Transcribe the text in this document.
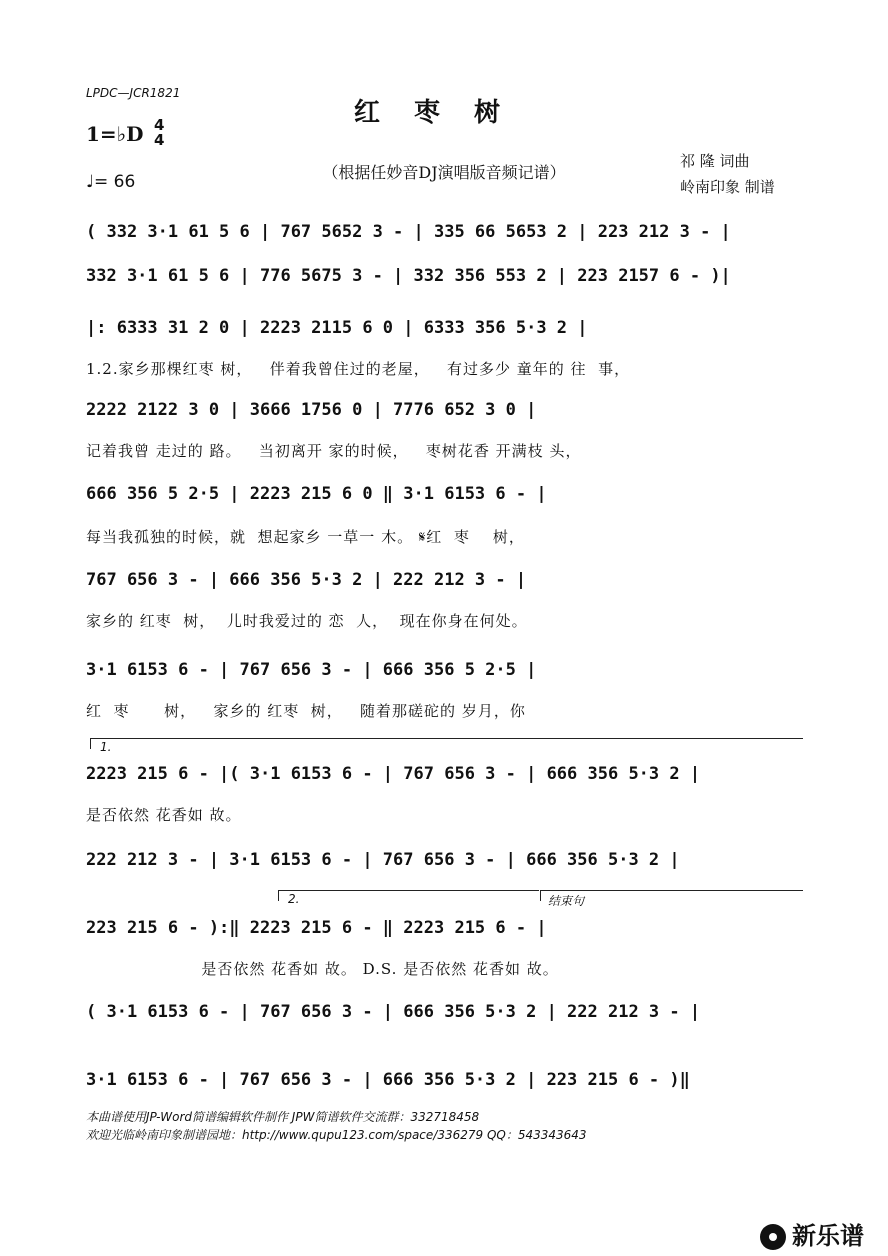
LPDC—JCR1821
红枣树
1=♭D 4
4
♩= 66	（根据任妙音DJ演唱版音频记谱）
祁 隆 词曲
岭南印象 制谱
( 332 3·1 61 5 6 | 767 5652 3 - | 335 66 5653 2 | 223 212 3 - |
332 3·1 61 5 6 | 776 5675 3 - | 332 356 553 2 | 223 2157 6 - )|
|: 6333 31 2 0 | 2223 2115 6 0 | 6333 356 5·3 2 |
1.2.家乡那棵红枣 树，   伴着我曾住过的老屋，   有过多少 童年的 往  事，
2222 2122 3 0 | 3666 1756 0 | 7776 652 3 0 |
记着我曾 走过的 路。   当初离开 家的时候，   枣树花香 开满枝 头，
666 356 5 2·5 | 2223 215 6 0 ‖ 3·1 6153 6 - |
每当我孤独的时候，就  想起家乡 一草一 木。 𝄋红  枣    树，
767 656 3 - | 666 356 5·3 2 | 222 212 3 - |
家乡的 红枣  树，  儿时我爱过的 恋  人，  现在你身在何处。
3·1 6153 6 - | 767 656 3 - | 666 356 5 2·5 |
红  枣      树，   家乡的 红枣  树，   随着那磋砣的 岁月，你
1.
2223 215 6 - |( 3·1 6153 6 - | 767 656 3 - | 666 356 5·3 2 |
是否依然 花香如 故。
222 212 3 - | 3·1 6153 6 - | 767 656 3 - | 666 356 5·3 2 |
2.	结束句
223 215 6 - ):‖ 2223 215 6 - ‖ 2223 215 6 - |
是否依然 花香如 故。 D.S. 是否依然 花香如 故。
( 3·1 6153 6 - | 767 656 3 - | 666 356 5·3 2 | 222 212 3 - |
3·1 6153 6 - | 767 656 3 - | 666 356 5·3 2 | 223 215 6 - )‖
本曲谱使用JP-Word简谱编辑软件制作 JPW简谱软件交流群：332718458
欢迎光临岭南印象制谱园地：http://www.qupu123.com/space/336279 QQ：543343643
新乐谱
